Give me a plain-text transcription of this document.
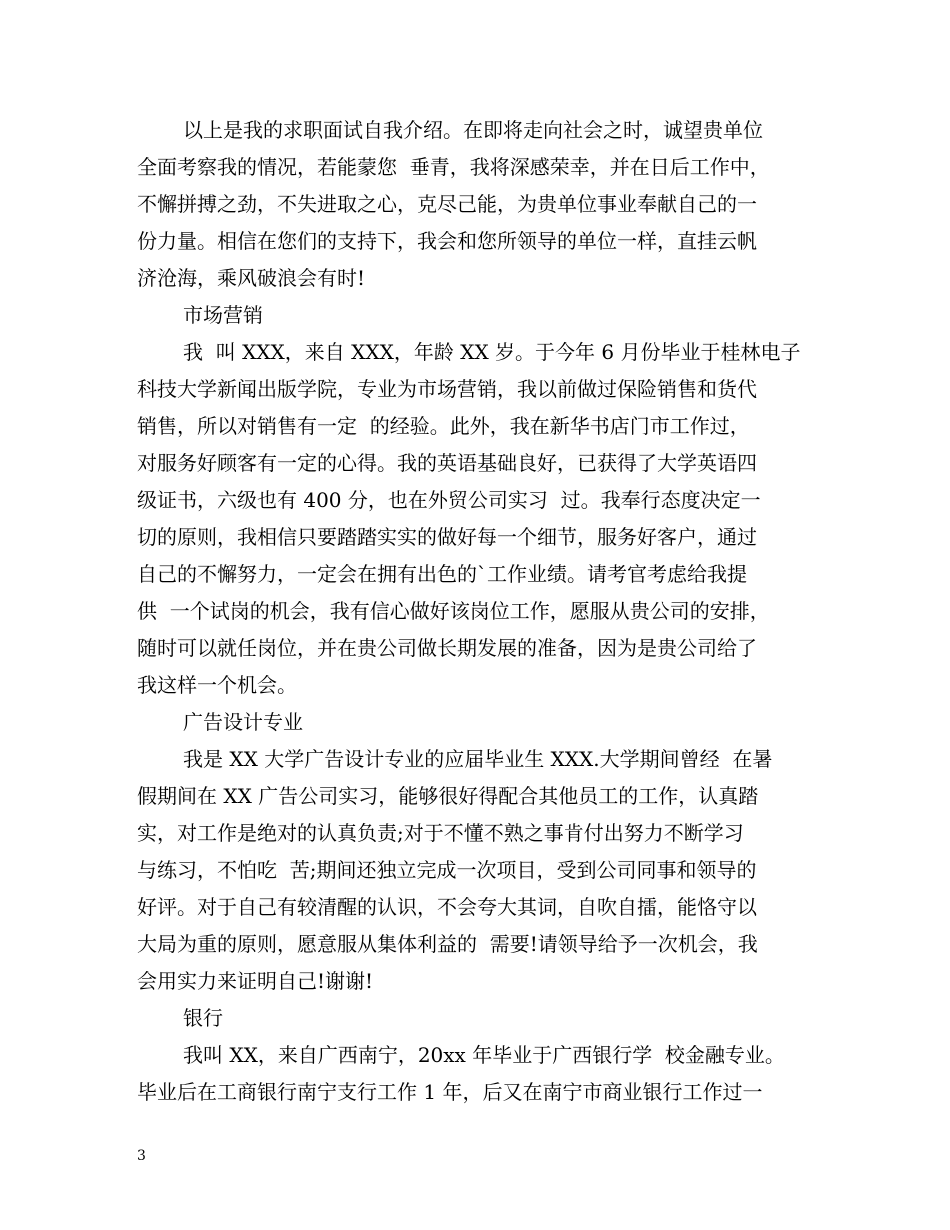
以上是我的求职面试自我介绍。在即将走向社会之时，诚望贵单位
全面考察我的情况，若能蒙您  垂青，我将深感荣幸，并在日后工作中，
不懈拼搏之劲，不失进取之心，克尽己能，为贵单位事业奉献自己的一
份力量。相信在您们的支持下，我会和您所领导的单位一样，直挂云帆
济沧海，乘风破浪会有时!
市场营销
我  叫 XXX，来自 XXX，年龄 XX 岁。于今年 6 月份毕业于桂林电子
科技大学新闻出版学院，专业为市场营销，我以前做过保险销售和货代
销售，所以对销售有一定  的经验。此外，我在新华书店门市工作过，
对服务好顾客有一定的心得。我的英语基础良好，已获得了大学英语四
级证书，六级也有 400 分，也在外贸公司实习  过。我奉行态度决定一
切的原则，我相信只要踏踏实实的做好每一个细节，服务好客户，通过
自己的不懈努力，一定会在拥有出色的`工作业绩。请考官考虑给我提
供  一个试岗的机会，我有信心做好该岗位工作，愿服从贵公司的安排，
随时可以就任岗位，并在贵公司做长期发展的准备，因为是贵公司给了
我这样一个机会。
广告设计专业
我是 XX 大学广告设计专业的应届毕业生 XXX.大学期间曾经  在暑
假期间在 XX 广告公司实习，能够很好得配合其他员工的工作，认真踏
实，对工作是绝对的认真负责;对于不懂不熟之事肯付出努力不断学习
与练习，不怕吃  苦;期间还独立完成一次项目，受到公司同事和领导的
好评。对于自己有较清醒的认识，不会夸大其词，自吹自擂，能恪守以
大局为重的原则，愿意服从集体利益的  需要!请领导给予一次机会，我
会用实力来证明自己!谢谢!
银行
我叫 XX，来自广西南宁，20xx 年毕业于广西银行学  校金融专业。
毕业后在工商银行南宁支行工作 1 年，后又在南宁市商业银行工作过一
3
